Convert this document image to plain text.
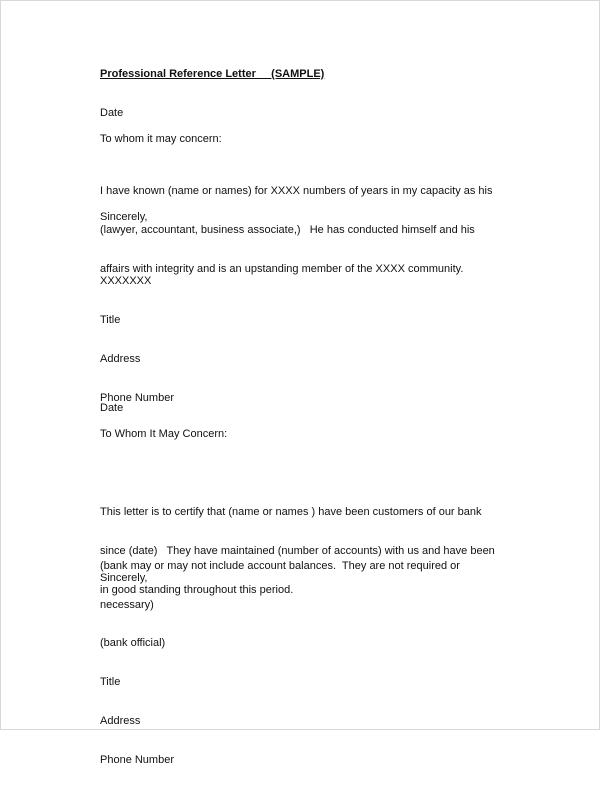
Professional Reference Letter     (SAMPLE)
Date
To whom it may concern:

I have known (name or names) for XXXX numbers of years in my capacity as his

(lawyer, accountant, business associate,)   He has conducted himself and his

affairs with integrity and is an upstanding member of the XXXX community.

Sincerely,

XXXXXXX

Title

Address

Phone Number

Date
To Whom It May Concern:

This letter is to certify that (name or names ) have been customers of our bank

since (date)   They have maintained (number of accounts) with us and have been

in good standing throughout this period.

(bank may or may not include account balances.  They are not required or

necessary)

Sincerely,

(bank official)

Title

Address

Phone Number
